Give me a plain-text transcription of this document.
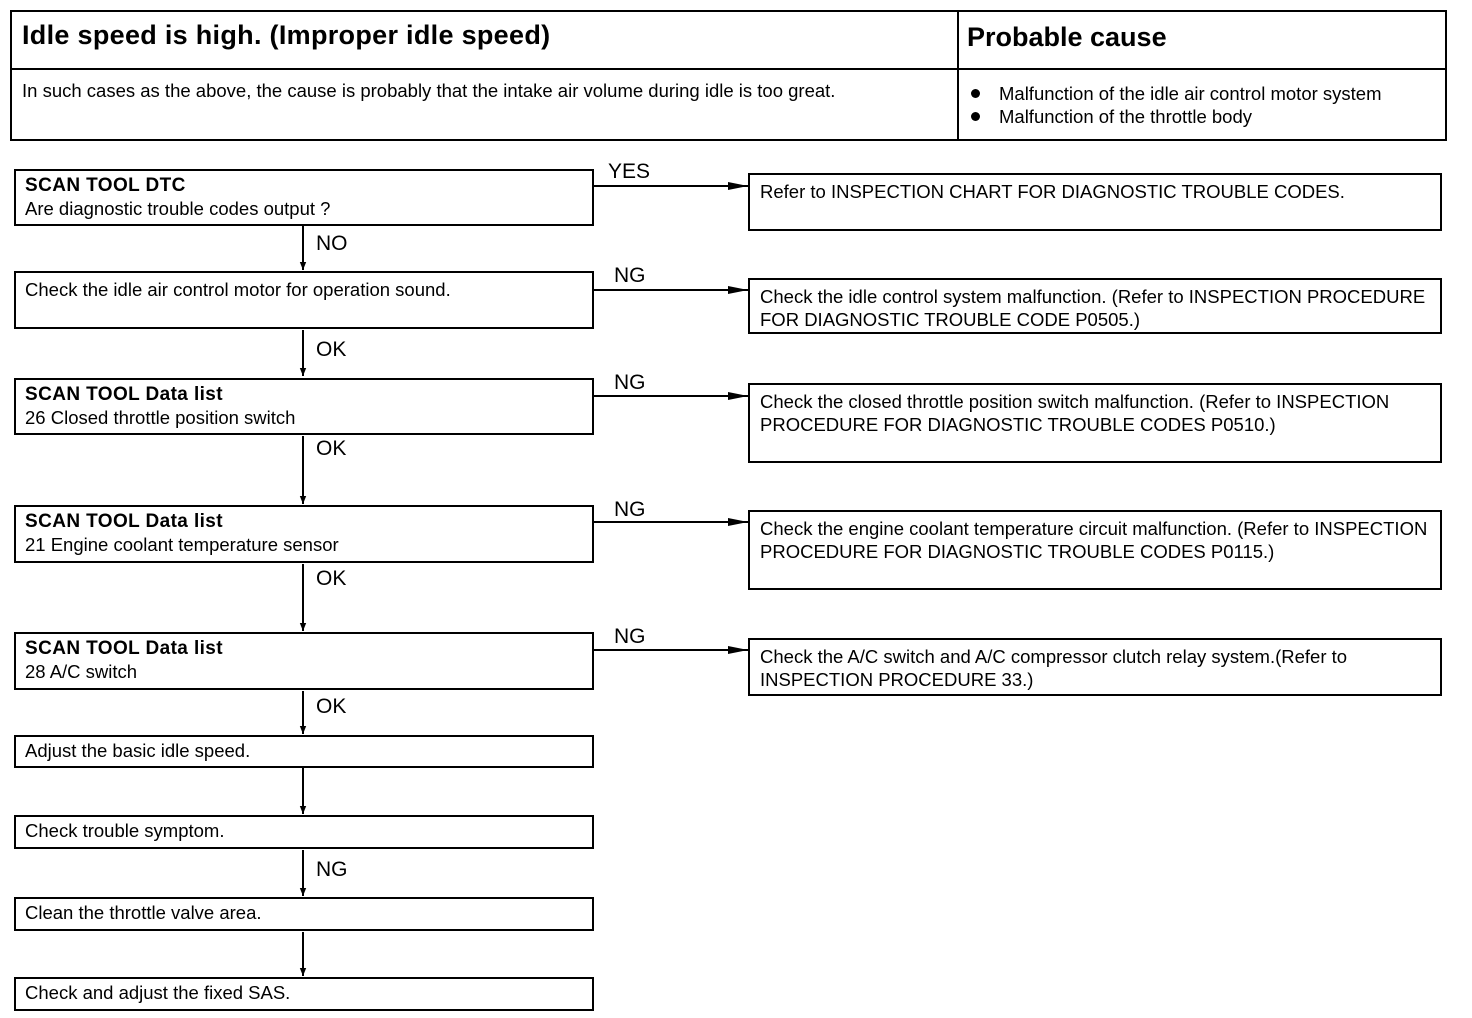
Idle speed is high. (Improper idle speed)	Probable cause
In such cases as the above, the cause is probably that the intake air volume during idle is too great.	Malfunction of the idle air control motor system
Malfunction of the throttle body
SCAN TOOL DTC
Are diagnostic trouble codes output ?
Check the idle air control motor for operation sound.
SCAN TOOL Data list
26 Closed throttle position switch
SCAN TOOL Data list
21 Engine coolant temperature sensor
SCAN TOOL Data list
28 A/C switch
Adjust the basic idle speed.
Check trouble symptom.
Clean the throttle valve area.
Check and adjust the fixed SAS.
Refer to INSPECTION CHART FOR DIAGNOSTIC TROUBLE CODES.
Check the idle control system malfunction. (Refer to INSPECTION PROCEDURE FOR DIAGNOSTIC TROUBLE CODE P0505.)
Check the closed throttle position switch malfunction. (Refer to INSPECTION PROCEDURE FOR DIAGNOSTIC TROUBLE CODES P0510.)
Check the engine coolant temperature circuit malfunction. (Refer to INSPECTION PROCEDURE FOR DIAGNOSTIC TROUBLE CODES P0115.)
Check the A/C switch and A/C compressor clutch relay system.(Refer to INSPECTION PROCEDURE 33.)
YES
NO
NG
OK
NG
OK
NG
OK
NG
OK
NG
